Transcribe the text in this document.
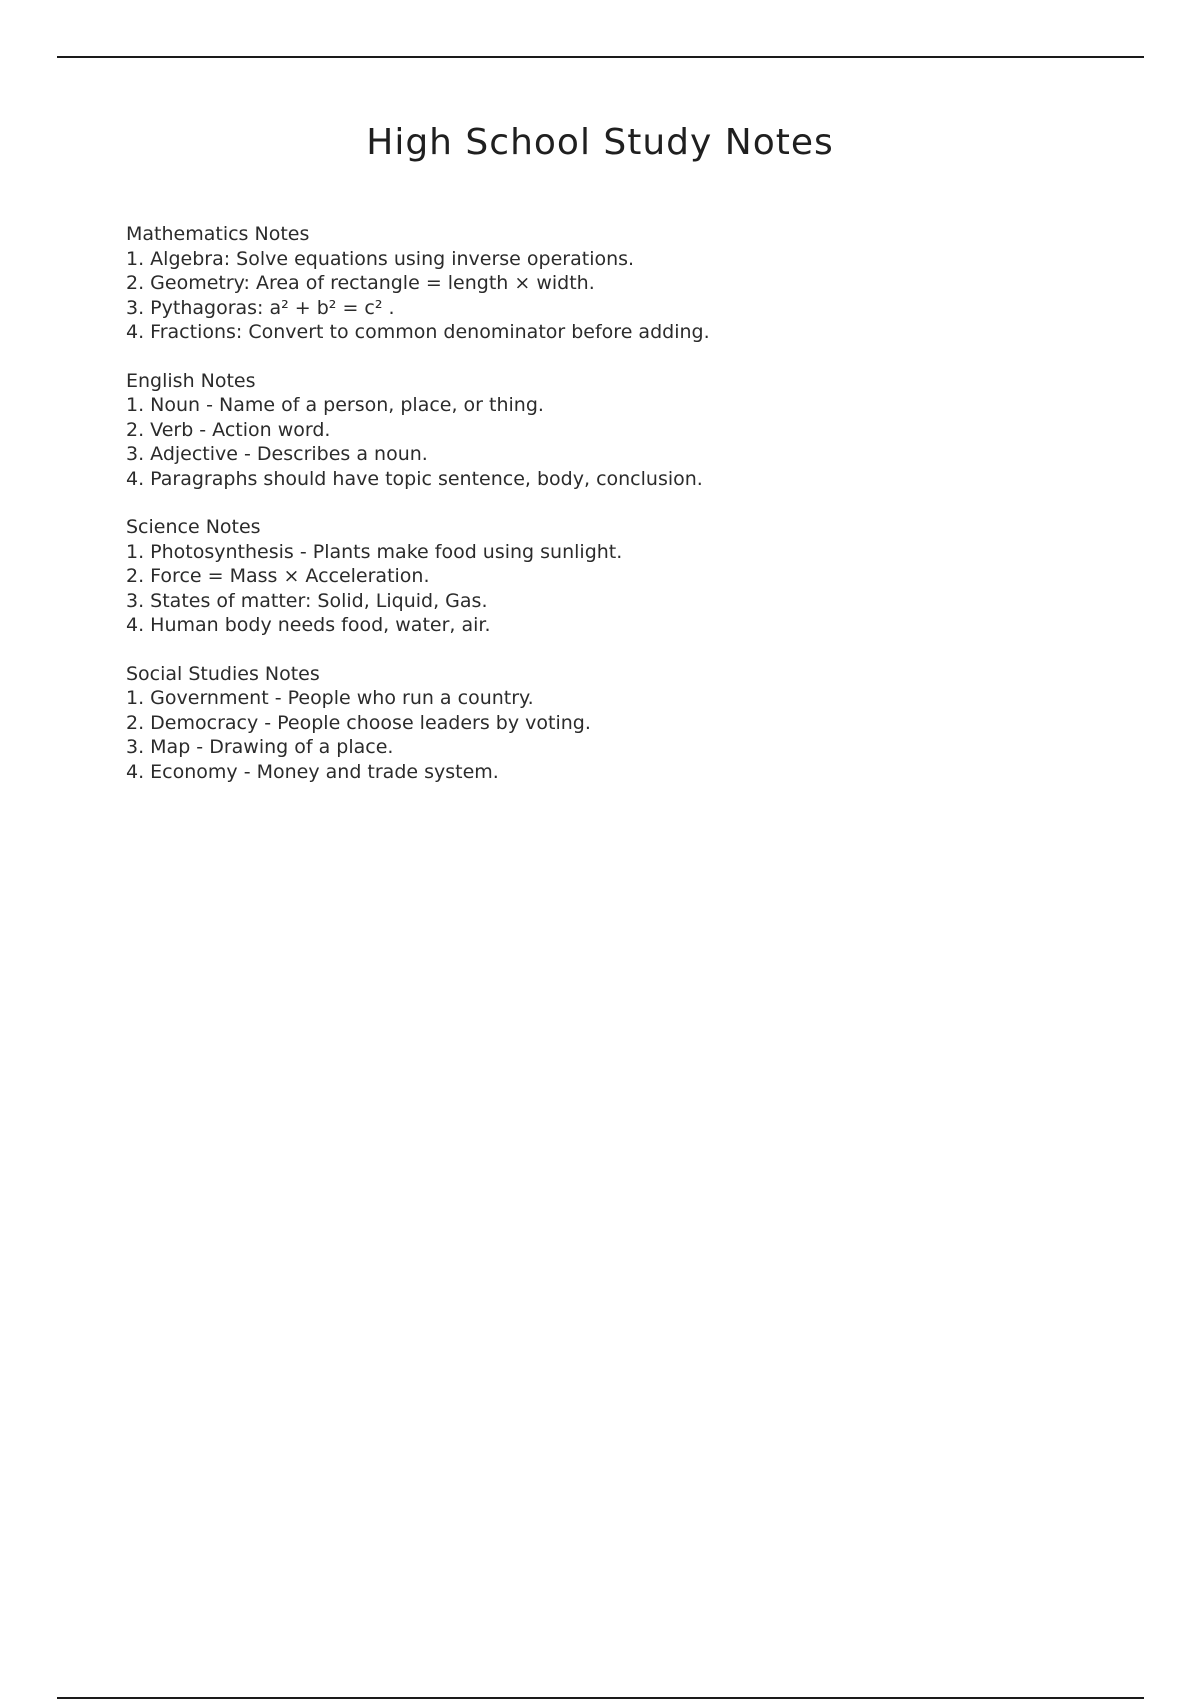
High School Study Notes
Mathematics Notes
1. Algebra: Solve equations using inverse operations.
2. Geometry: Area of rectangle = length × width.
3. Pythagoras: a² + b² = c² .
4. Fractions: Convert to common denominator before adding.
English Notes
1. Noun - Name of a person, place, or thing.
2. Verb - Action word.
3. Adjective - Describes a noun.
4. Paragraphs should have topic sentence, body, conclusion.
Science Notes
1. Photosynthesis - Plants make food using sunlight.
2. Force = Mass × Acceleration.
3. States of matter: Solid, Liquid, Gas.
4. Human body needs food, water, air.
Social Studies Notes
1. Government - People who run a country.
2. Democracy - People choose leaders by voting.
3. Map - Drawing of a place.
4. Economy - Money and trade system.
